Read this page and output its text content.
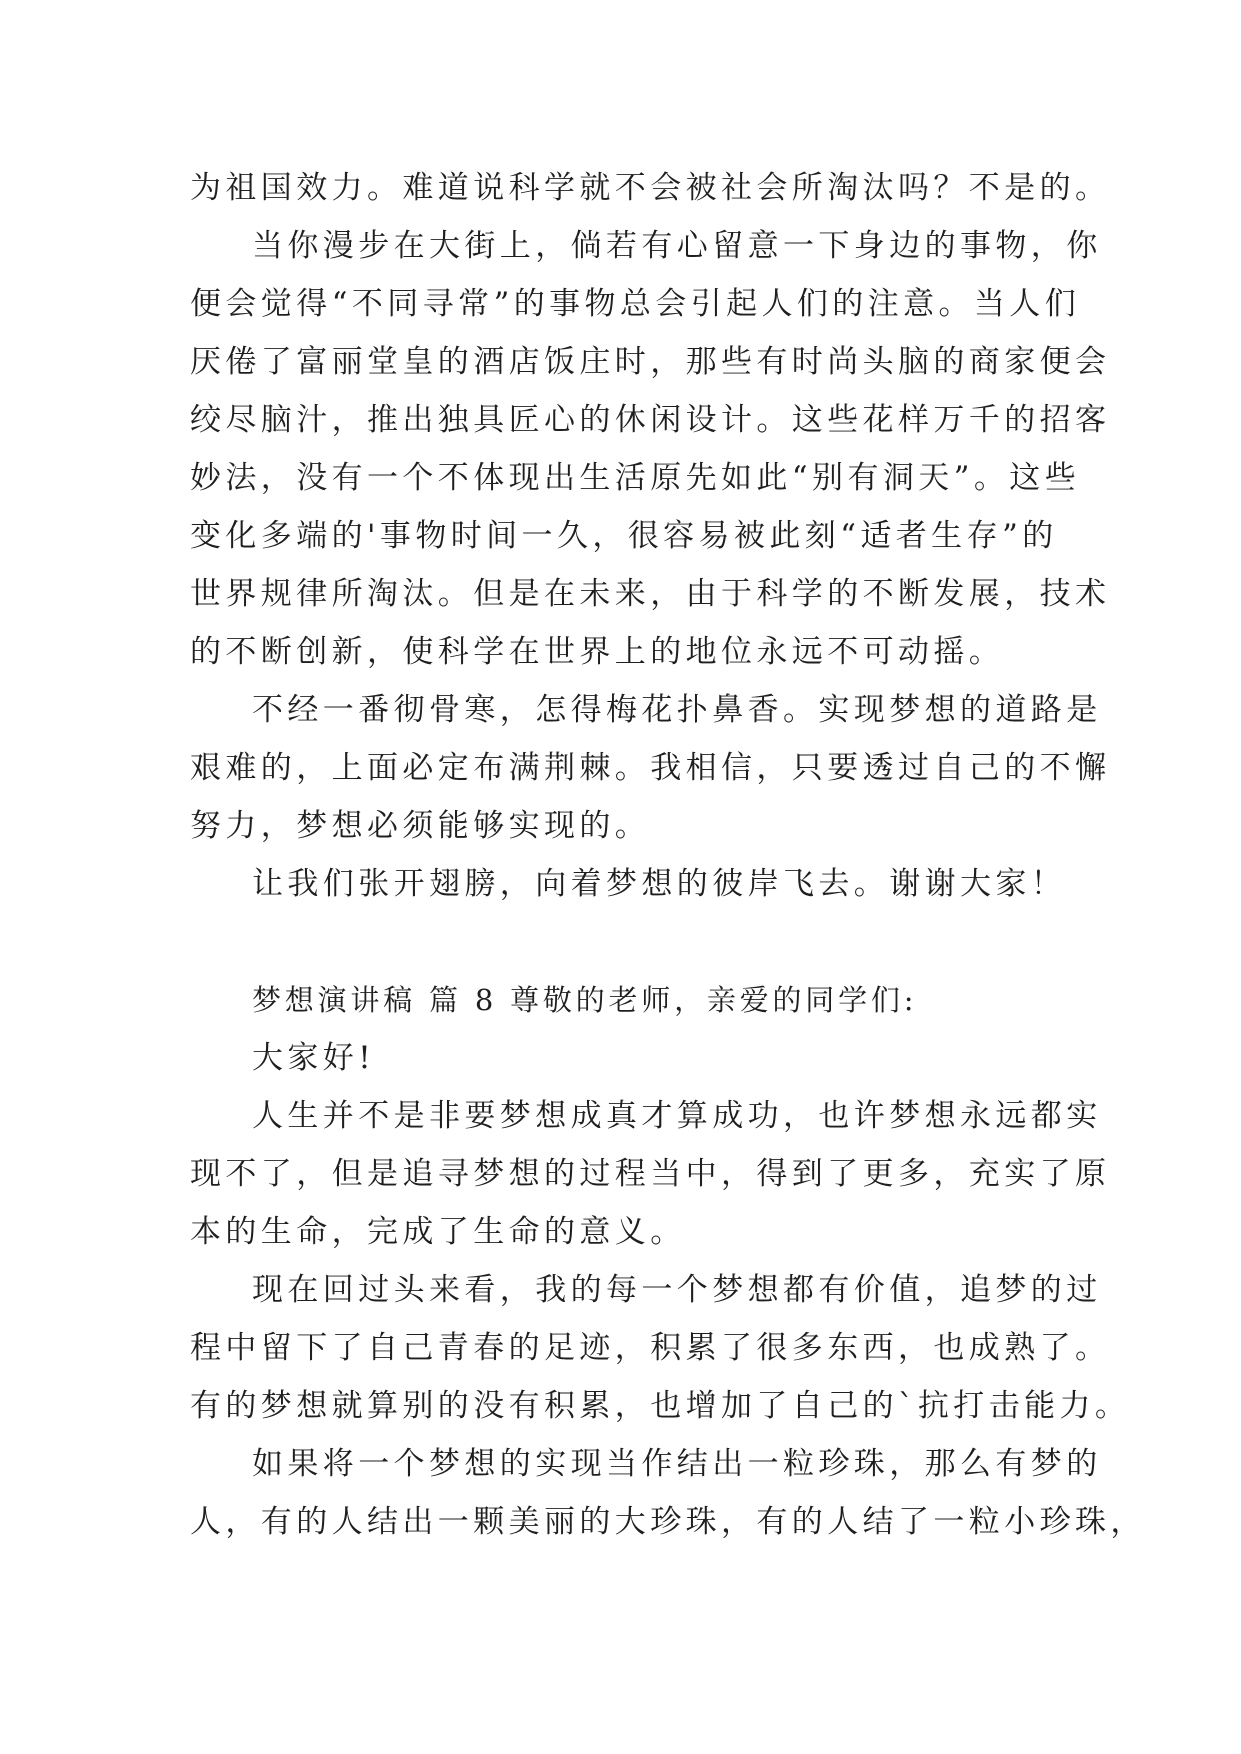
为祖国效力。难道说科学就不会被社会所淘汰吗？不是的。
当你漫步在大街上，倘若有心留意一下身边的事物，你
便会觉得“不同寻常”的事物总会引起人们的注意。当人们
厌倦了富丽堂皇的酒店饭庄时，那些有时尚头脑的商家便会
绞尽脑汁，推出独具匠心的休闲设计。这些花样万千的招客
妙法，没有一个不体现出生活原先如此“别有洞天”。这些
变化多端的'事物时间一久，很容易被此刻“适者生存”的
世界规律所淘汰。但是在未来，由于科学的不断发展，技术
的不断创新，使科学在世界上的地位永远不可动摇。
不经一番彻骨寒，怎得梅花扑鼻香。实现梦想的道路是
艰难的，上面必定布满荆棘。我相信，只要透过自己的不懈
努力，梦想必须能够实现的。
让我们张开翅膀，向着梦想的彼岸飞去。谢谢大家！
梦想演讲稿 篇 8 尊敬的老师，亲爱的同学们:
大家好!
人生并不是非要梦想成真才算成功，也许梦想永远都实
现不了，但是追寻梦想的过程当中，得到了更多，充实了原
本的生命，完成了生命的意义。
现在回过头来看，我的每一个梦想都有价值，追梦的过
程中留下了自己青春的足迹，积累了很多东西，也成熟了。
有的梦想就算别的没有积累，也增加了自己的`抗打击能力。
如果将一个梦想的实现当作结出一粒珍珠，那么有梦的
人，有的人结出一颗美丽的大珍珠，有的人结了一粒小珍珠，
